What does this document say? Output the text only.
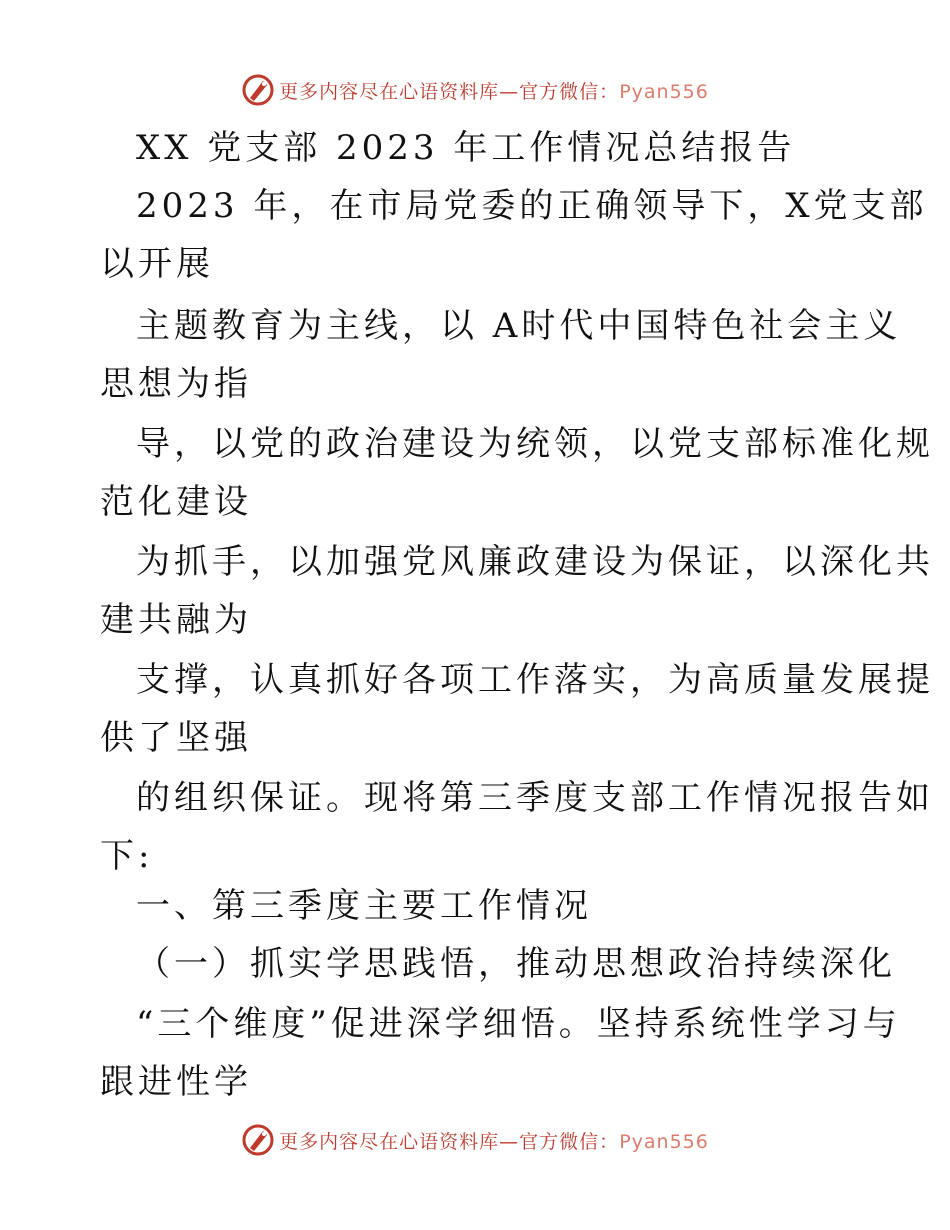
更多内容尽在心语资料库—官方微信：Pyan556
XX 党支部 2023 年工作情况总结报告
2023 年，在市局党委的正确领导下，X党支部
以开展
主题教育为主线，以 A时代中国特色社会主义
思想为指
导，以党的政治建设为统领，以党支部标准化规
范化建设
为抓手，以加强党风廉政建设为保证，以深化共
建共融为
支撑，认真抓好各项工作落实，为高质量发展提
供了坚强
的组织保证。现将第三季度支部工作情况报告如
下:
一、第三季度主要工作情况
（一）抓实学思践悟，推动思想政治持续深化
“三个维度”促进深学细悟。坚持系统性学习与
跟进性学
更多内容尽在心语资料库—官方微信：Pyan556
